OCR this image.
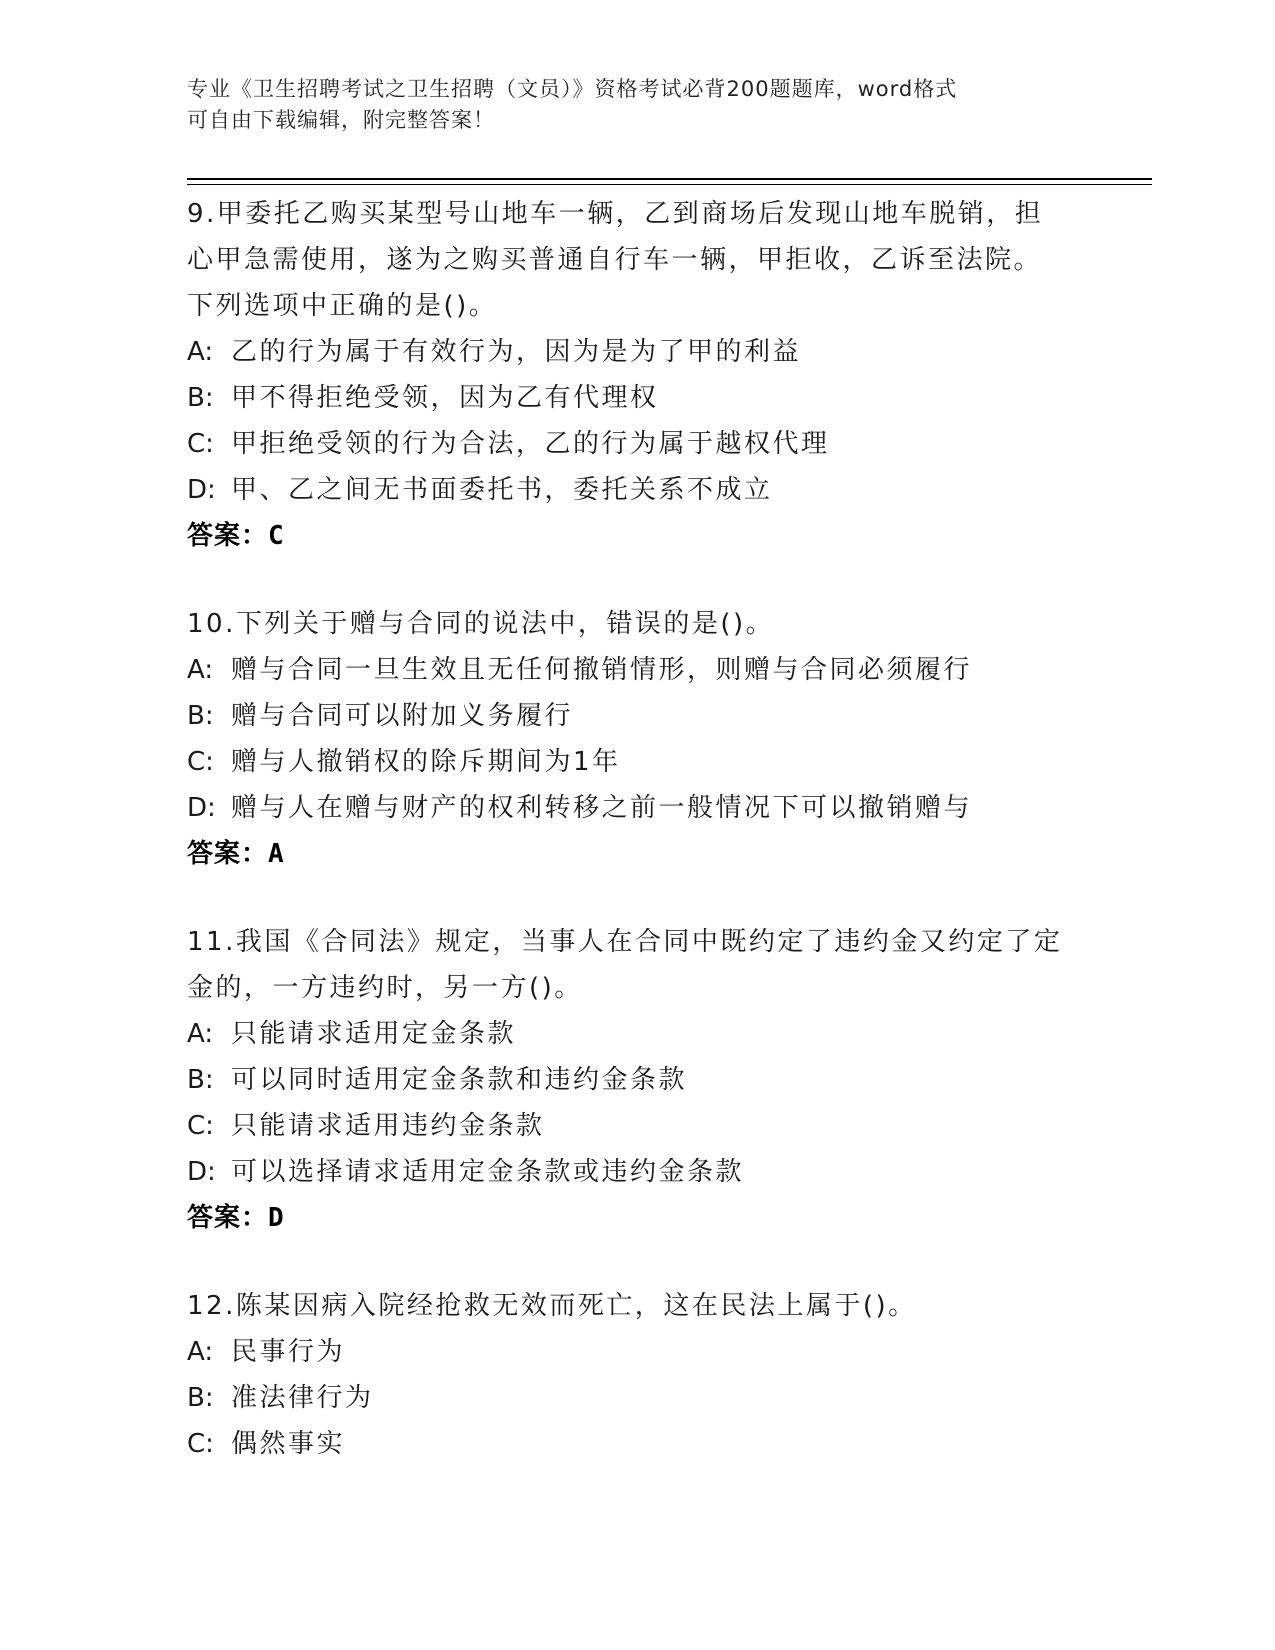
专业《卫生招聘考试之卫生招聘（文员）》资格考试必背200题题库，word格式
可自由下载编辑，附完整答案！
9.甲委托乙购买某型号山地车一辆，乙到商场后发现山地车脱销，担
心甲急需使用，遂为之购买普通自行车一辆，甲拒收，乙诉至法院。
下列选项中正确的是()。
A: 乙的行为属于有效行为，因为是为了甲的利益
B: 甲不得拒绝受领，因为乙有代理权
C: 甲拒绝受领的行为合法，乙的行为属于越权代理
D: 甲、乙之间无书面委托书，委托关系不成立
答案：C
10.下列关于赠与合同的说法中，错误的是()。
A: 赠与合同一旦生效且无任何撤销情形，则赠与合同必须履行
B: 赠与合同可以附加义务履行
C: 赠与人撤销权的除斥期间为1年
D: 赠与人在赠与财产的权利转移之前一般情况下可以撤销赠与
答案：A
11.我国《合同法》规定，当事人在合同中既约定了违约金又约定了定
金的，一方违约时，另一方()。
A: 只能请求适用定金条款
B: 可以同时适用定金条款和违约金条款
C: 只能请求适用违约金条款
D: 可以选择请求适用定金条款或违约金条款
答案：D
12.陈某因病入院经抢救无效而死亡，这在民法上属于()。
A: 民事行为
B: 准法律行为
C: 偶然事实
